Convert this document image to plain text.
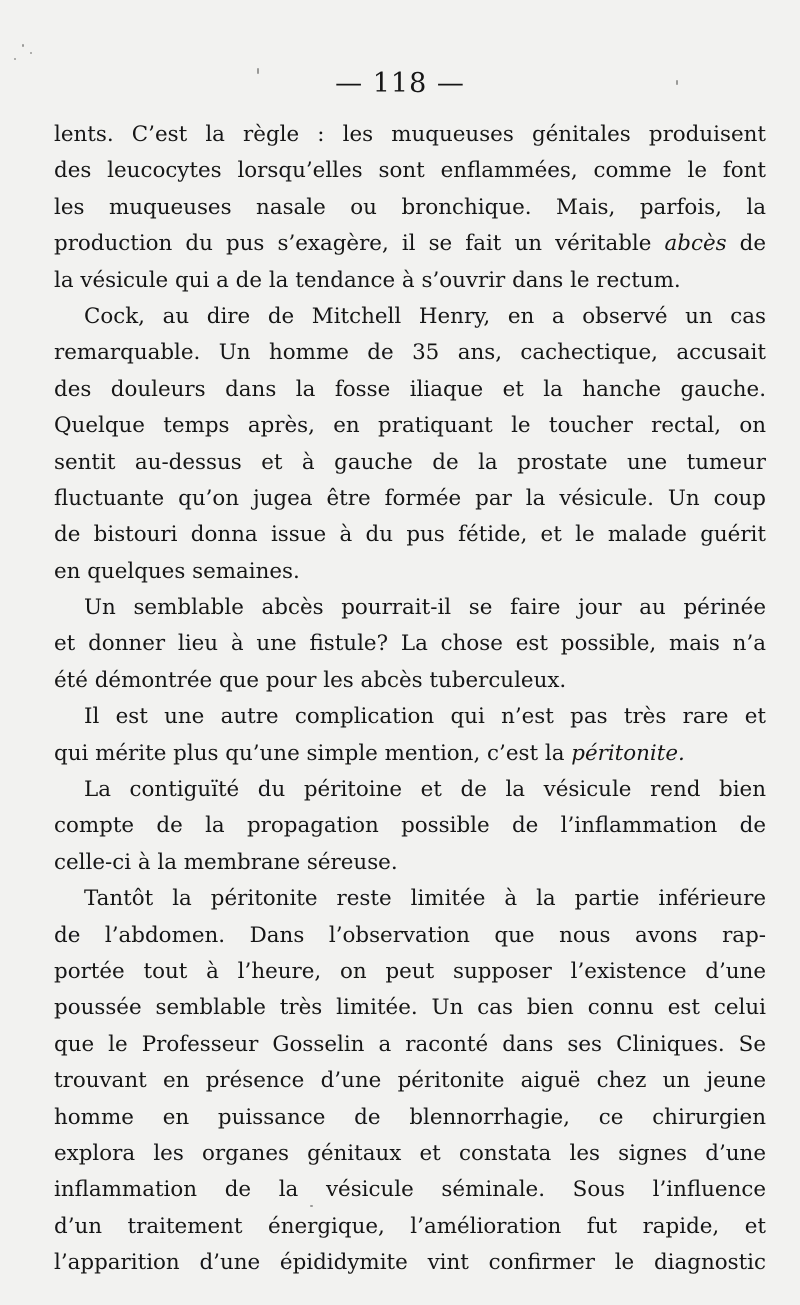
— 118 —
lents. C’est la règle : les muqueuses génitales produisent
des leucocytes lorsqu’elles sont enflammées, comme le font
les muqueuses nasale ou bronchique. Mais, parfois, la
production du pus s’exagère, il se fait un véritable abcès de
la vésicule qui a de la tendance à s’ouvrir dans le rectum.
Cock, au dire de Mitchell Henry, en a observé un cas
remarquable. Un homme de 35 ans, cachectique, accusait
des douleurs dans la fosse iliaque et la hanche gauche.
Quelque temps après, en pratiquant le toucher rectal, on
sentit au-dessus et à gauche de la prostate une tumeur
fluctuante qu’on jugea être formée par la vésicule. Un coup
de bistouri donna issue à du pus fétide, et le malade guérit
en quelques semaines.
Un semblable abcès pourrait-il se faire jour au périnée
et donner lieu à une fistule? La chose est possible, mais n’a
été démontrée que pour les abcès tuberculeux.
Il est une autre complication qui n’est pas très rare et
qui mérite plus qu’une simple mention, c’est la péritonite.
La contiguïté du péritoine et de la vésicule rend bien
compte de la propagation possible de l’inflammation de
celle-ci à la membrane séreuse.
Tantôt la péritonite reste limitée à la partie inférieure
de l’abdomen. Dans l’observation que nous avons rap-
portée tout à l’heure, on peut supposer l’existence d’une
poussée semblable très limitée. Un cas bien connu est celui
que le Professeur Gosselin a raconté dans ses Cliniques. Se
trouvant en présence d’une péritonite aiguë chez un jeune
homme en puissance de blennorrhagie, ce chirurgien
explora les organes génitaux et constata les signes d’une
inflammation de la vésicule séminale. Sous l’influence
d’un traitement énergique, l’amélioration fut rapide, et
l’apparition d’une épididymite vint confirmer le diagnostic
